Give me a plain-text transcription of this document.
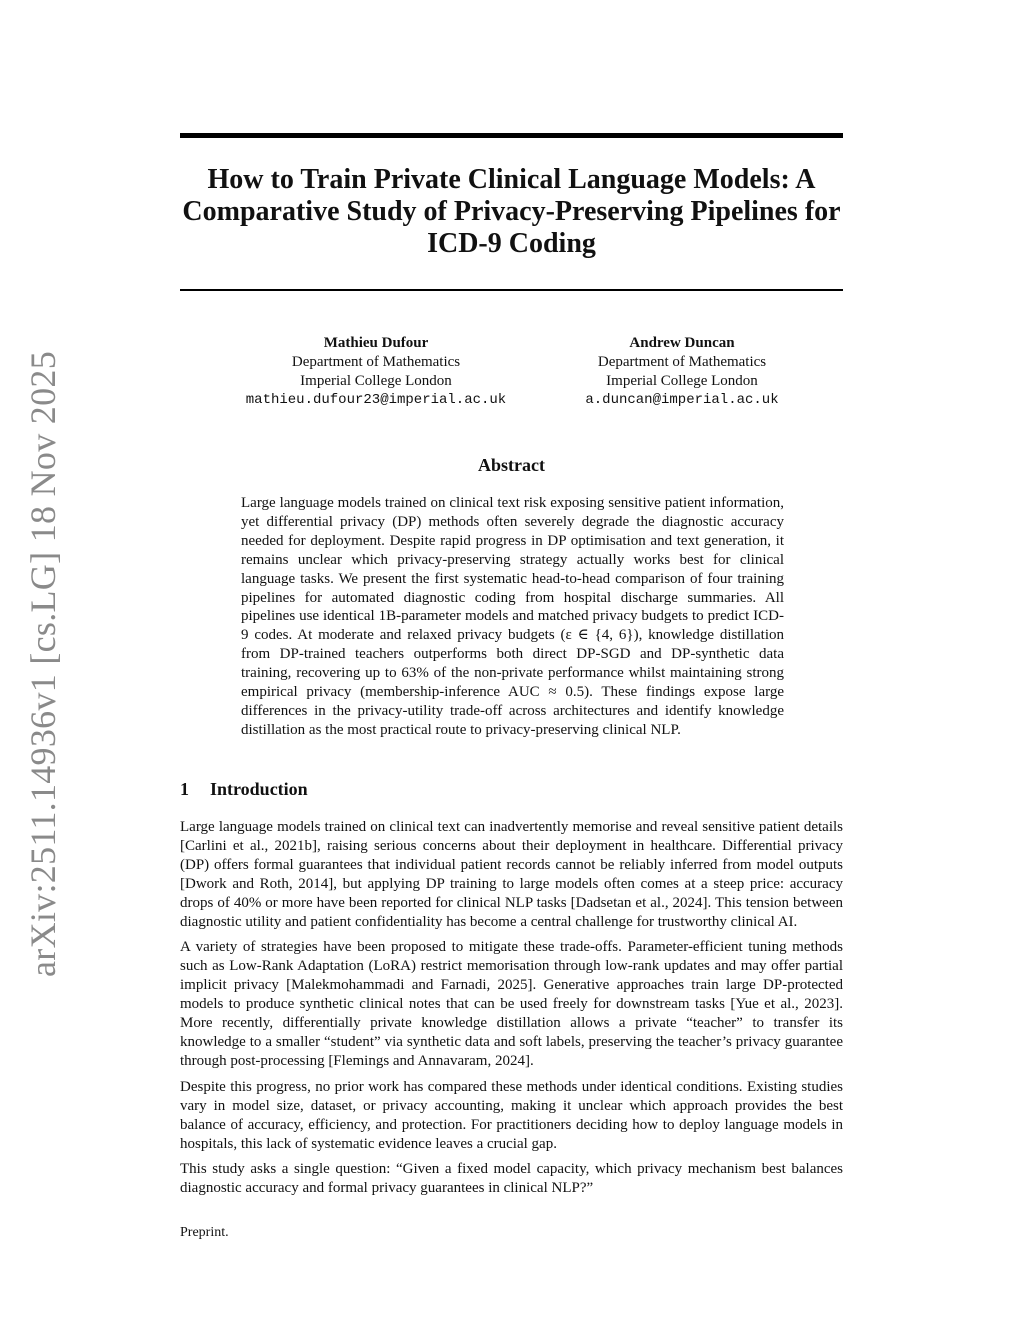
arXiv:2511.14936v1 [cs.LG] 18 Nov 2025
How to Train Private Clinical Language Models: A Comparative Study of Privacy-Preserving Pipelines for ICD-9 Coding
Mathieu Dufour
Department of Mathematics
Imperial College London
mathieu.dufour23@imperial.ac.uk
Andrew Duncan
Department of Mathematics
Imperial College London
a.duncan@imperial.ac.uk
Abstract
Large language models trained on clinical text risk exposing sensitive patient information, yet differential privacy (DP) methods often severely degrade the diagnostic accuracy needed for deployment. Despite rapid progress in DP optimisation and text generation, it remains unclear which privacy-preserving strategy actually works best for clinical language tasks. We present the first systematic head-to-head comparison of four training pipelines for automated diagnostic coding from hospital discharge summaries. All pipelines use identical 1B-parameter models and matched privacy budgets to predict ICD-9 codes. At moderate and relaxed privacy budgets (ε ∈ {4, 6}), knowledge distillation from DP-trained teachers outperforms both direct DP-SGD and DP-synthetic data training, recovering up to 63% of the non-private performance whilst maintaining strong empirical privacy (membership-inference AUC ≈ 0.5). These findings expose large differences in the privacy-utility trade-off across architectures and identify knowledge distillation as the most practical route to privacy-preserving clinical NLP.
1 Introduction

Large language models trained on clinical text can inadvertently memorise and reveal sensitive patient details [Carlini et al., 2021b], raising serious concerns about their deployment in healthcare. Differential privacy (DP) offers formal guarantees that individual patient records cannot be reliably inferred from model outputs [Dwork and Roth, 2014], but applying DP training to large models often comes at a steep price: accuracy drops of 40% or more have been reported for clinical NLP tasks [Dadsetan et al., 2024]. This tension between diagnostic utility and patient confidentiality has become a central challenge for trustworthy clinical AI.

A variety of strategies have been proposed to mitigate these trade-offs. Parameter-efficient tuning methods such as Low-Rank Adaptation (LoRA) restrict memorisation through low-rank updates and may offer partial implicit privacy [Malekmohammadi and Farnadi, 2025]. Generative approaches train large DP-protected models to produce synthetic clinical notes that can be used freely for downstream tasks [Yue et al., 2023]. More recently, differentially private knowledge distillation allows a private “teacher” to transfer its knowledge to a smaller “student” via synthetic data and soft labels, preserving the teacher’s privacy guarantee through post-processing [Flemings and Annavaram, 2024].

Despite this progress, no prior work has compared these methods under identical conditions. Existing studies vary in model size, dataset, or privacy accounting, making it unclear which approach provides the best balance of accuracy, efficiency, and protection. For practitioners deciding how to deploy language models in hospitals, this lack of systematic evidence leaves a crucial gap.

This study asks a single question: “Given a fixed model capacity, which privacy mechanism best balances diagnostic accuracy and formal privacy guarantees in clinical NLP?”

Preprint.
